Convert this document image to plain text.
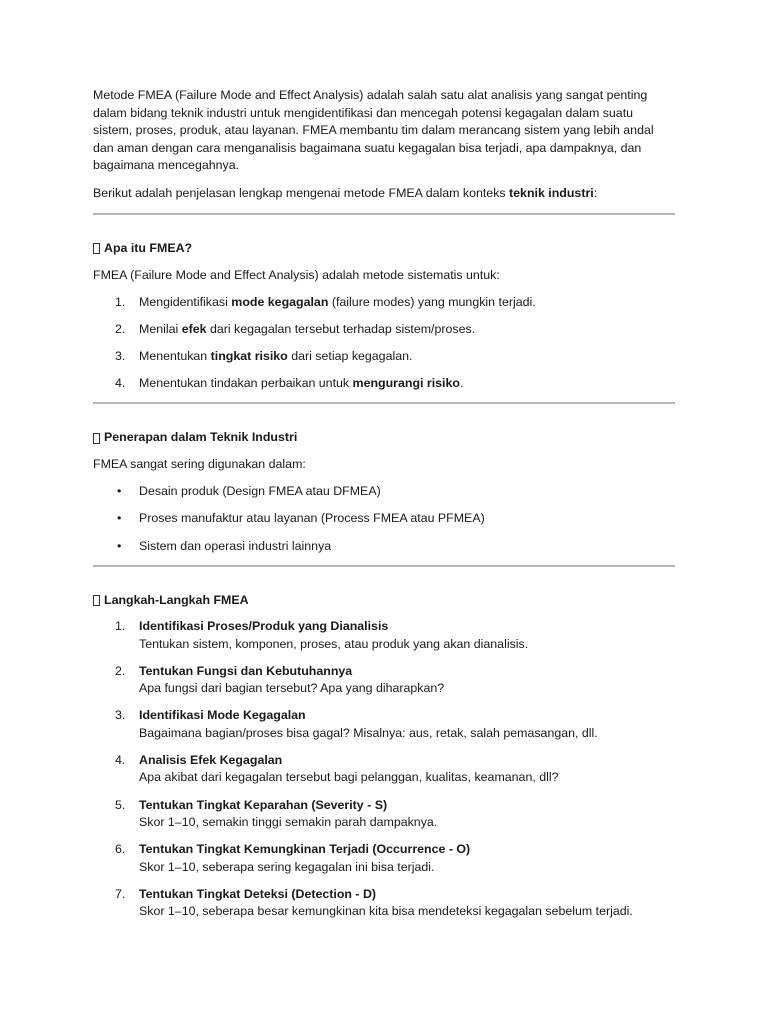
Metode FMEA (Failure Mode and Effect Analysis) adalah salah satu alat analisis yang sangat penting dalam bidang teknik industri untuk mengidentifikasi dan mencegah potensi kegagalan dalam suatu sistem, proses, produk, atau layanan. FMEA membantu tim dalam merancang sistem yang lebih andal dan aman dengan cara menganalisis bagaimana suatu kegagalan bisa terjadi, apa dampaknya, dan bagaimana mencegahnya.

Berikut adalah penjelasan lengkap mengenai metode FMEA dalam konteks teknik industri:

Apa itu FMEA?

FMEA (Failure Mode and Effect Analysis) adalah metode sistematis untuk:

1.	Mengidentifikasi mode kegagalan (failure modes) yang mungkin terjadi.
2.	Menilai efek dari kegagalan tersebut terhadap sistem/proses.
3.	Menentukan tingkat risiko dari setiap kegagalan.
4.	Menentukan tindakan perbaikan untuk mengurangi risiko.
Penerapan dalam Teknik Industri

FMEA sangat sering digunakan dalam:

•	Desain produk (Design FMEA atau DFMEA)
•	Proses manufaktur atau layanan (Process FMEA atau PFMEA)
•	Sistem dan operasi industri lainnya
Langkah-Langkah FMEA
1.	Identifikasi Proses/Produk yang Dianalisis
Tentukan sistem, komponen, proses, atau produk yang akan dianalisis.
2.	Tentukan Fungsi dan Kebutuhannya
Apa fungsi dari bagian tersebut? Apa yang diharapkan?
3.	Identifikasi Mode Kegagalan
Bagaimana bagian/proses bisa gagal? Misalnya: aus, retak, salah pemasangan, dll.
4.	Analisis Efek Kegagalan
Apa akibat dari kegagalan tersebut bagi pelanggan, kualitas, keamanan, dll?
5.	Tentukan Tingkat Keparahan (Severity - S)
Skor 1–10, semakin tinggi semakin parah dampaknya.
6.	Tentukan Tingkat Kemungkinan Terjadi (Occurrence - O)
Skor 1–10, seberapa sering kegagalan ini bisa terjadi.
7.	Tentukan Tingkat Deteksi (Detection - D)
Skor 1–10, seberapa besar kemungkinan kita bisa mendeteksi kegagalan sebelum terjadi.
